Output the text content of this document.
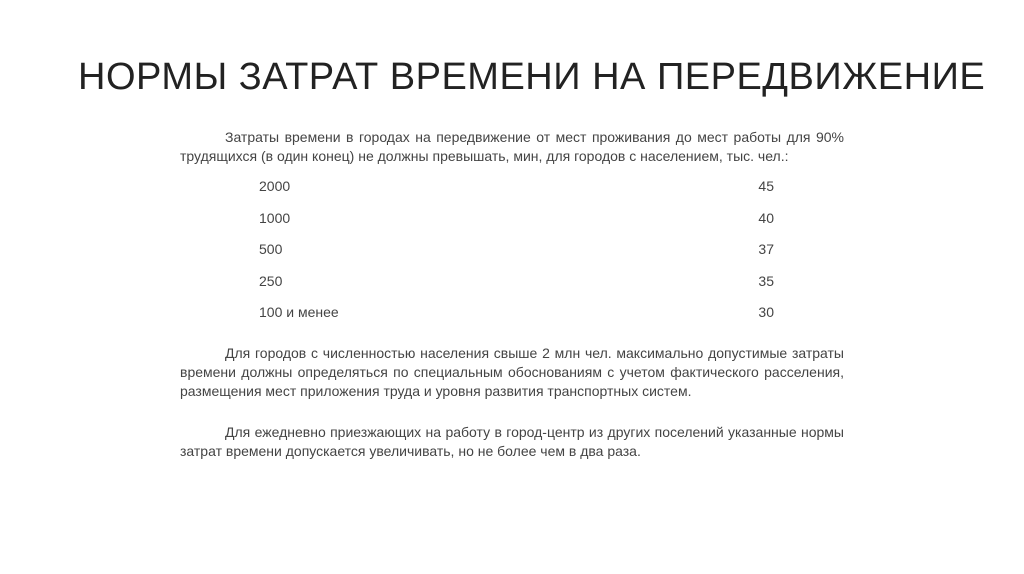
НОРМЫ ЗАТРАТ ВРЕМЕНИ НА ПЕРЕДВИЖЕНИЕ

Затраты времени в городах на передвижение от мест проживания до мест работы для 90% трудящихся (в один конец) не должны превышать, мин, для городов с населением, тыс. чел.:

2000	45
1000	40
500	37
250	35
100 и менее	30

Для городов с численностью населения свыше 2 млн чел. максимально допустимые затраты времени должны определяться по специальным обоснованиям с учетом фактического расселения, размещения мест приложения труда и уровня развития транспортных систем.

Для ежедневно приезжающих на работу в город-центр из других поселений указанные нормы затрат времени допускается увеличивать, но не более чем в два раза.
